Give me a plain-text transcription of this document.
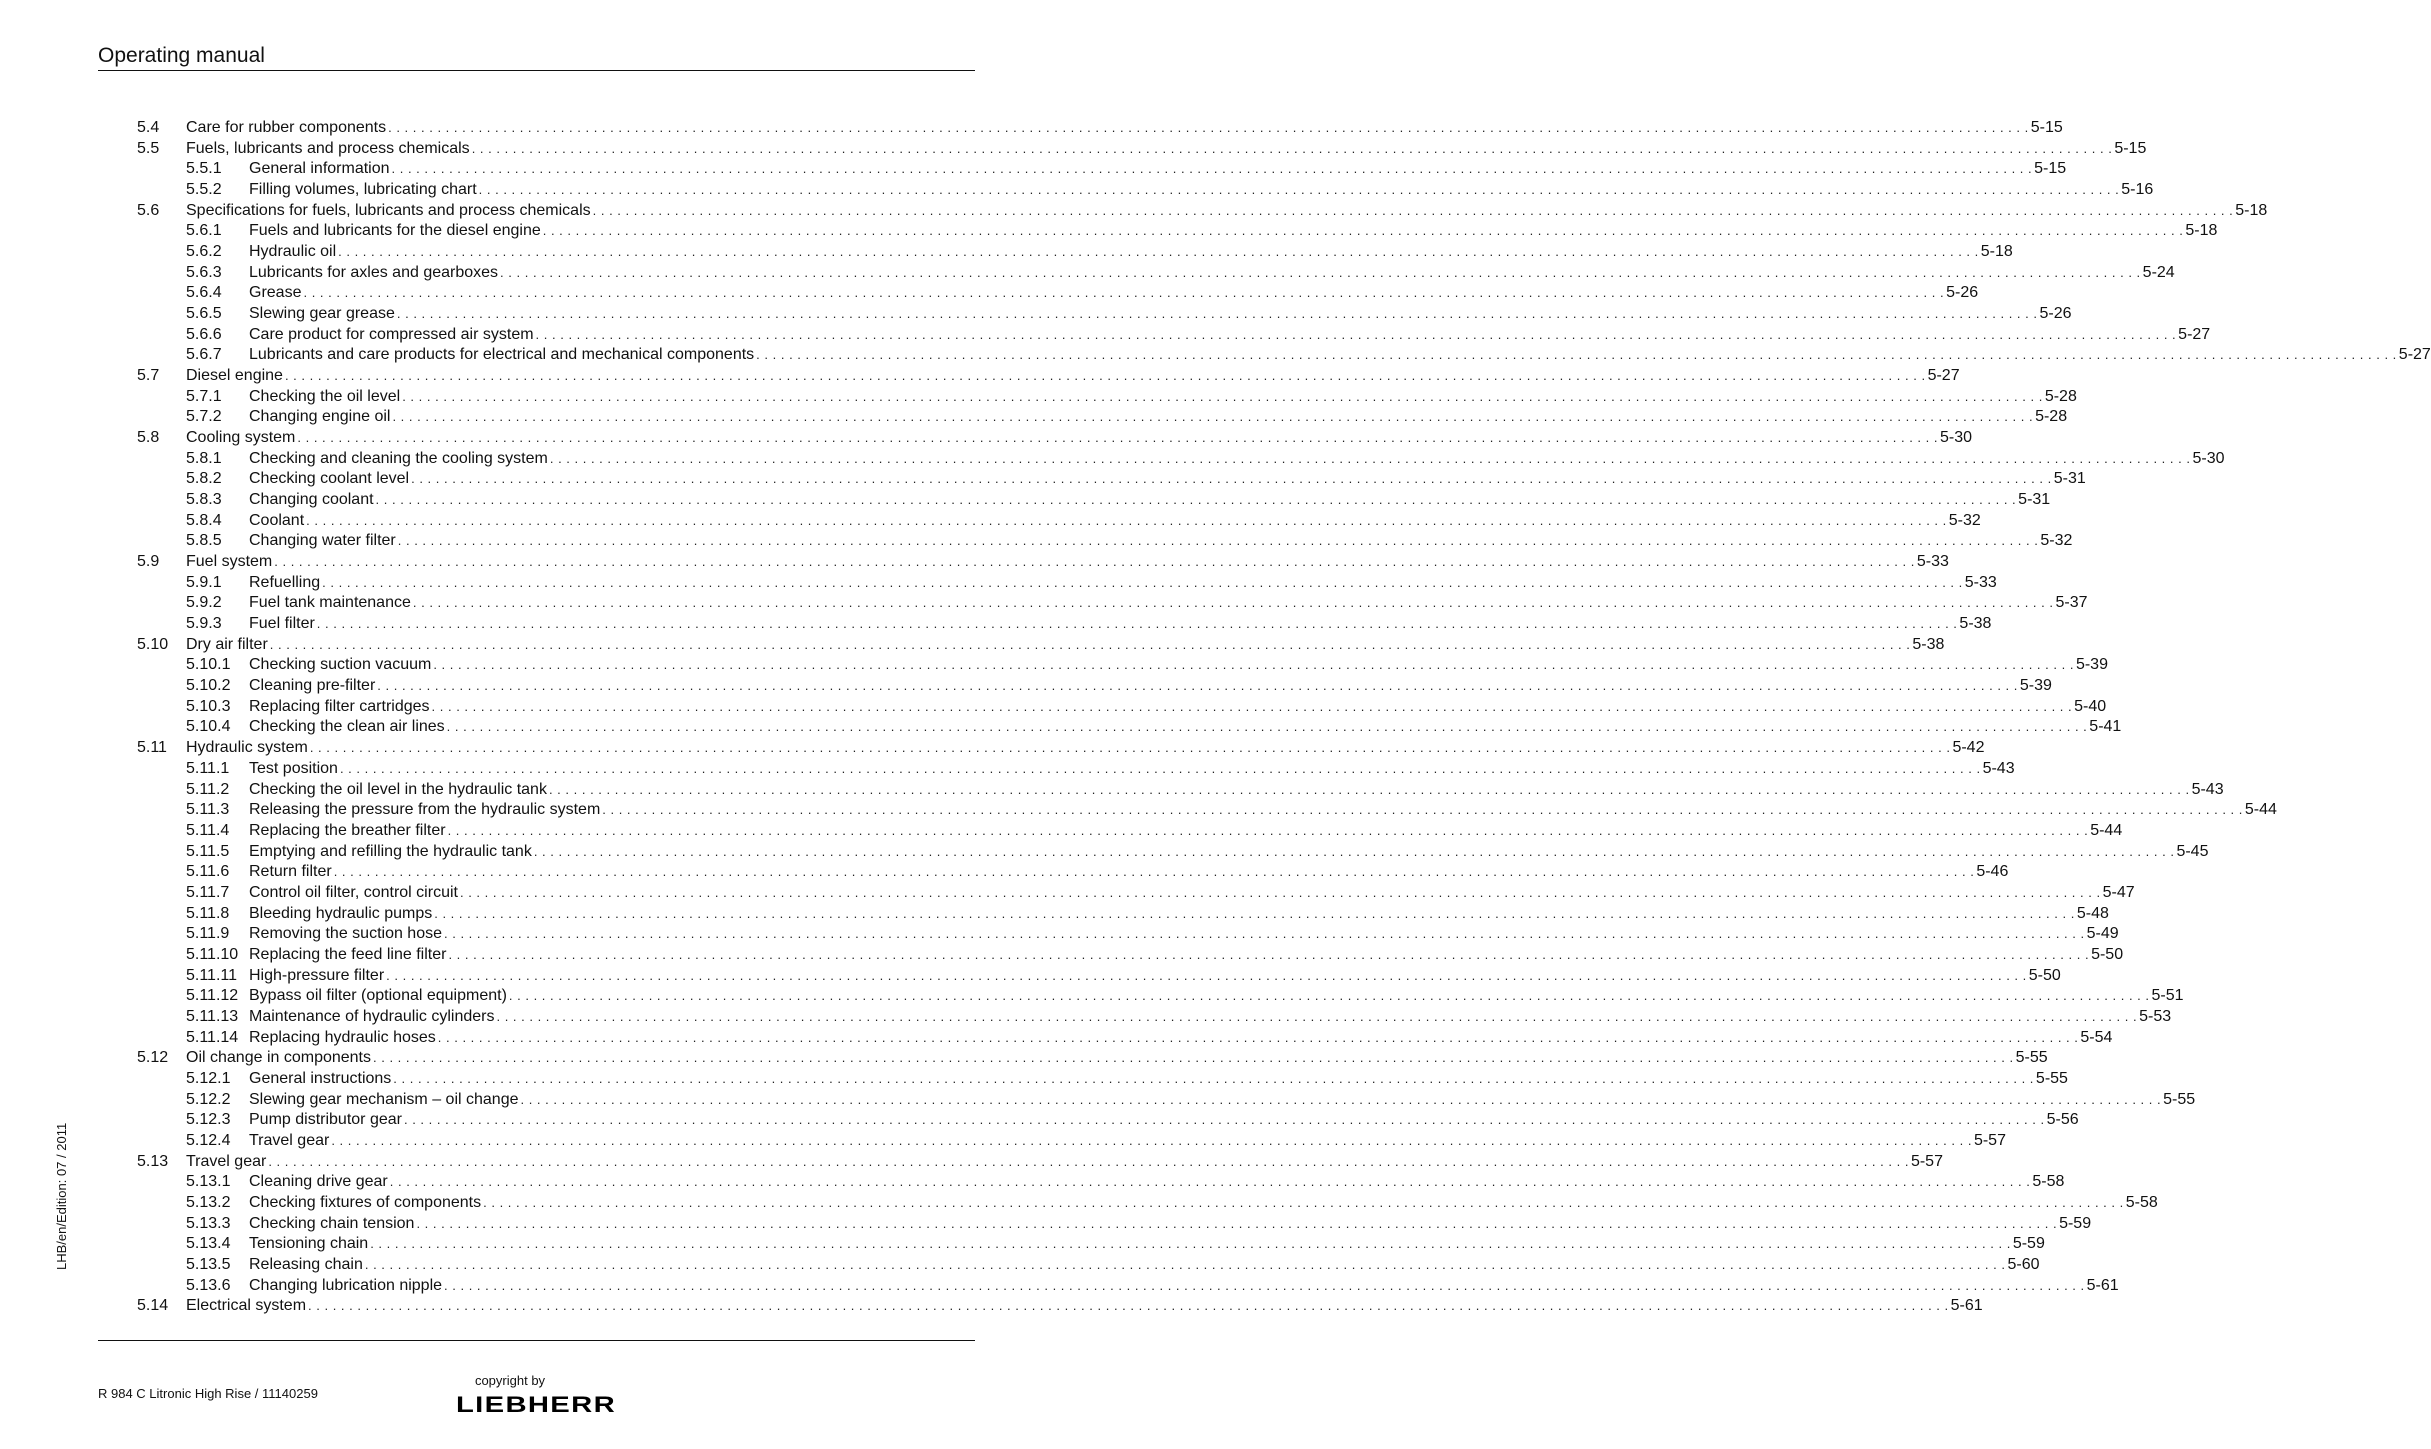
Operating manual
5.4	Care for rubber components . . . . . . . . . . . . . . . . . . . . . . . . . . . . . . . . . . . . . . . . . . . . . . . . . . . . . . . . . . . . . . . . . . . . . . . . . . . . . . . . . . . . . . . . . . . . . . . . . . . . . . . . . . . . . . . . . . . . . . . . . . . . . . . . . . . . . . . . . . . . . . . . . . . . . . . . . . . . . . . . . . . . . . . . . . . . . . . . . . . . . . . . . . . . . . . . . . . . . . . . 5-15
5.5	Fuels, lubricants and process chemicals . . . . . . . . . . . . . . . . . . . . . . . . . . . . . . . . . . . . . . . . . . . . . . . . . . . . . . . . . . . . . . . . . . . . . . . . . . . . . . . . . . . . . . . . . . . . . . . . . . . . . . . . . . . . . . . . . . . . . . . . . . . . . . . . . . . . . . . . . . . . . . . . . . . . . . . . . . . . . . . . . . . . . . . . . . . . . . . . . . . . . . . . . . . . . . . . . . . . . . . . 5-15
5.5.1	General information . . . . . . . . . . . . . . . . . . . . . . . . . . . . . . . . . . . . . . . . . . . . . . . . . . . . . . . . . . . . . . . . . . . . . . . . . . . . . . . . . . . . . . . . . . . . . . . . . . . . . . . . . . . . . . . . . . . . . . . . . . . . . . . . . . . . . . . . . . . . . . . . . . . . . . . . . . . . . . . . . . . . . . . . . . . . . . . . . . . . . . . . . . . . . . . . . . . . . . . . 5-15
5.5.2	Filling volumes, lubricating chart . . . . . . . . . . . . . . . . . . . . . . . . . . . . . . . . . . . . . . . . . . . . . . . . . . . . . . . . . . . . . . . . . . . . . . . . . . . . . . . . . . . . . . . . . . . . . . . . . . . . . . . . . . . . . . . . . . . . . . . . . . . . . . . . . . . . . . . . . . . . . . . . . . . . . . . . . . . . . . . . . . . . . . . . . . . . . . . . . . . . . . . . . . . . . . . . . . . . . . . . 5-16
5.6	Specifications for fuels, lubricants and process chemicals . . . . . . . . . . . . . . . . . . . . . . . . . . . . . . . . . . . . . . . . . . . . . . . . . . . . . . . . . . . . . . . . . . . . . . . . . . . . . . . . . . . . . . . . . . . . . . . . . . . . . . . . . . . . . . . . . . . . . . . . . . . . . . . . . . . . . . . . . . . . . . . . . . . . . . . . . . . . . . . . . . . . . . . . . . . . . . . . . . . . . . . . . . . . . . . . . . . . . . . . 5-18
5.6.1	Fuels and lubricants for the diesel engine . . . . . . . . . . . . . . . . . . . . . . . . . . . . . . . . . . . . . . . . . . . . . . . . . . . . . . . . . . . . . . . . . . . . . . . . . . . . . . . . . . . . . . . . . . . . . . . . . . . . . . . . . . . . . . . . . . . . . . . . . . . . . . . . . . . . . . . . . . . . . . . . . . . . . . . . . . . . . . . . . . . . . . . . . . . . . . . . . . . . . . . . . . . . . . . . . . . . . . . . 5-18
5.6.2	Hydraulic oil . . . . . . . . . . . . . . . . . . . . . . . . . . . . . . . . . . . . . . . . . . . . . . . . . . . . . . . . . . . . . . . . . . . . . . . . . . . . . . . . . . . . . . . . . . . . . . . . . . . . . . . . . . . . . . . . . . . . . . . . . . . . . . . . . . . . . . . . . . . . . . . . . . . . . . . . . . . . . . . . . . . . . . . . . . . . . . . . . . . . . . . . . . . . . . . . . . . . . . . . 5-18
5.6.3	Lubricants for axles and gearboxes . . . . . . . . . . . . . . . . . . . . . . . . . . . . . . . . . . . . . . . . . . . . . . . . . . . . . . . . . . . . . . . . . . . . . . . . . . . . . . . . . . . . . . . . . . . . . . . . . . . . . . . . . . . . . . . . . . . . . . . . . . . . . . . . . . . . . . . . . . . . . . . . . . . . . . . . . . . . . . . . . . . . . . . . . . . . . . . . . . . . . . . . . . . . . . . . . . . . . . . . 5-24
5.6.4	Grease . . . . . . . . . . . . . . . . . . . . . . . . . . . . . . . . . . . . . . . . . . . . . . . . . . . . . . . . . . . . . . . . . . . . . . . . . . . . . . . . . . . . . . . . . . . . . . . . . . . . . . . . . . . . . . . . . . . . . . . . . . . . . . . . . . . . . . . . . . . . . . . . . . . . . . . . . . . . . . . . . . . . . . . . . . . . . . . . . . . . . . . . . . . . . . . . . . . . . . . . 5-26
5.6.5	Slewing gear grease . . . . . . . . . . . . . . . . . . . . . . . . . . . . . . . . . . . . . . . . . . . . . . . . . . . . . . . . . . . . . . . . . . . . . . . . . . . . . . . . . . . . . . . . . . . . . . . . . . . . . . . . . . . . . . . . . . . . . . . . . . . . . . . . . . . . . . . . . . . . . . . . . . . . . . . . . . . . . . . . . . . . . . . . . . . . . . . . . . . . . . . . . . . . . . . . . . . . . . . . 5-26
5.6.6	Care product for compressed air system . . . . . . . . . . . . . . . . . . . . . . . . . . . . . . . . . . . . . . . . . . . . . . . . . . . . . . . . . . . . . . . . . . . . . . . . . . . . . . . . . . . . . . . . . . . . . . . . . . . . . . . . . . . . . . . . . . . . . . . . . . . . . . . . . . . . . . . . . . . . . . . . . . . . . . . . . . . . . . . . . . . . . . . . . . . . . . . . . . . . . . . . . . . . . . . . . . . . . . . . 5-27
5.6.7	Lubricants and care products for electrical and mechanical components . . . . . . . . . . . . . . . . . . . . . . . . . . . . . . . . . . . . . . . . . . . . . . . . . . . . . . . . . . . . . . . . . . . . . . . . . . . . . . . . . . . . . . . . . . . . . . . . . . . . . . . . . . . . . . . . . . . . . . . . . . . . . . . . . . . . . . . . . . . . . . . . . . . . . . . . . . . . . . . . . . . . . . . . . . . . . . . . . . . . . . . . . . . . . . . . . . . . . . . . 5-27
5.7	Diesel engine . . . . . . . . . . . . . . . . . . . . . . . . . . . . . . . . . . . . . . . . . . . . . . . . . . . . . . . . . . . . . . . . . . . . . . . . . . . . . . . . . . . . . . . . . . . . . . . . . . . . . . . . . . . . . . . . . . . . . . . . . . . . . . . . . . . . . . . . . . . . . . . . . . . . . . . . . . . . . . . . . . . . . . . . . . . . . . . . . . . . . . . . . . . . . . . . . . . . . . . . 5-27
5.7.1	Checking the oil level . . . . . . . . . . . . . . . . . . . . . . . . . . . . . . . . . . . . . . . . . . . . . . . . . . . . . . . . . . . . . . . . . . . . . . . . . . . . . . . . . . . . . . . . . . . . . . . . . . . . . . . . . . . . . . . . . . . . . . . . . . . . . . . . . . . . . . . . . . . . . . . . . . . . . . . . . . . . . . . . . . . . . . . . . . . . . . . . . . . . . . . . . . . . . . . . . . . . . . . . 5-28
5.7.2	Changing engine oil . . . . . . . . . . . . . . . . . . . . . . . . . . . . . . . . . . . . . . . . . . . . . . . . . . . . . . . . . . . . . . . . . . . . . . . . . . . . . . . . . . . . . . . . . . . . . . . . . . . . . . . . . . . . . . . . . . . . . . . . . . . . . . . . . . . . . . . . . . . . . . . . . . . . . . . . . . . . . . . . . . . . . . . . . . . . . . . . . . . . . . . . . . . . . . . . . . . . . . . . 5-28
5.8	Cooling system . . . . . . . . . . . . . . . . . . . . . . . . . . . . . . . . . . . . . . . . . . . . . . . . . . . . . . . . . . . . . . . . . . . . . . . . . . . . . . . . . . . . . . . . . . . . . . . . . . . . . . . . . . . . . . . . . . . . . . . . . . . . . . . . . . . . . . . . . . . . . . . . . . . . . . . . . . . . . . . . . . . . . . . . . . . . . . . . . . . . . . . . . . . . . . . . . . . . . . . . 5-30
5.8.1	Checking and cleaning the cooling system . . . . . . . . . . . . . . . . . . . . . . . . . . . . . . . . . . . . . . . . . . . . . . . . . . . . . . . . . . . . . . . . . . . . . . . . . . . . . . . . . . . . . . . . . . . . . . . . . . . . . . . . . . . . . . . . . . . . . . . . . . . . . . . . . . . . . . . . . . . . . . . . . . . . . . . . . . . . . . . . . . . . . . . . . . . . . . . . . . . . . . . . . . . . . . . . . . . . . . . . 5-30
5.8.2	Checking coolant level . . . . . . . . . . . . . . . . . . . . . . . . . . . . . . . . . . . . . . . . . . . . . . . . . . . . . . . . . . . . . . . . . . . . . . . . . . . . . . . . . . . . . . . . . . . . . . . . . . . . . . . . . . . . . . . . . . . . . . . . . . . . . . . . . . . . . . . . . . . . . . . . . . . . . . . . . . . . . . . . . . . . . . . . . . . . . . . . . . . . . . . . . . . . . . . . . . . . . . . . 5-31
5.8.3	Changing coolant . . . . . . . . . . . . . . . . . . . . . . . . . . . . . . . . . . . . . . . . . . . . . . . . . . . . . . . . . . . . . . . . . . . . . . . . . . . . . . . . . . . . . . . . . . . . . . . . . . . . . . . . . . . . . . . . . . . . . . . . . . . . . . . . . . . . . . . . . . . . . . . . . . . . . . . . . . . . . . . . . . . . . . . . . . . . . . . . . . . . . . . . . . . . . . . . . . . . . . . . 5-31
5.8.4	Coolant . . . . . . . . . . . . . . . . . . . . . . . . . . . . . . . . . . . . . . . . . . . . . . . . . . . . . . . . . . . . . . . . . . . . . . . . . . . . . . . . . . . . . . . . . . . . . . . . . . . . . . . . . . . . . . . . . . . . . . . . . . . . . . . . . . . . . . . . . . . . . . . . . . . . . . . . . . . . . . . . . . . . . . . . . . . . . . . . . . . . . . . . . . . . . . . . . . . . . . . . 5-32
5.8.5	Changing water filter . . . . . . . . . . . . . . . . . . . . . . . . . . . . . . . . . . . . . . . . . . . . . . . . . . . . . . . . . . . . . . . . . . . . . . . . . . . . . . . . . . . . . . . . . . . . . . . . . . . . . . . . . . . . . . . . . . . . . . . . . . . . . . . . . . . . . . . . . . . . . . . . . . . . . . . . . . . . . . . . . . . . . . . . . . . . . . . . . . . . . . . . . . . . . . . . . . . . . . . . 5-32
5.9	Fuel system . . . . . . . . . . . . . . . . . . . . . . . . . . . . . . . . . . . . . . . . . . . . . . . . . . . . . . . . . . . . . . . . . . . . . . . . . . . . . . . . . . . . . . . . . . . . . . . . . . . . . . . . . . . . . . . . . . . . . . . . . . . . . . . . . . . . . . . . . . . . . . . . . . . . . . . . . . . . . . . . . . . . . . . . . . . . . . . . . . . . . . . . . . . . . . . . . . . . . . . . 5-33
5.9.1	Refuelling . . . . . . . . . . . . . . . . . . . . . . . . . . . . . . . . . . . . . . . . . . . . . . . . . . . . . . . . . . . . . . . . . . . . . . . . . . . . . . . . . . . . . . . . . . . . . . . . . . . . . . . . . . . . . . . . . . . . . . . . . . . . . . . . . . . . . . . . . . . . . . . . . . . . . . . . . . . . . . . . . . . . . . . . . . . . . . . . . . . . . . . . . . . . . . . . . . . . . . . . 5-33
5.9.2	Fuel tank maintenance . . . . . . . . . . . . . . . . . . . . . . . . . . . . . . . . . . . . . . . . . . . . . . . . . . . . . . . . . . . . . . . . . . . . . . . . . . . . . . . . . . . . . . . . . . . . . . . . . . . . . . . . . . . . . . . . . . . . . . . . . . . . . . . . . . . . . . . . . . . . . . . . . . . . . . . . . . . . . . . . . . . . . . . . . . . . . . . . . . . . . . . . . . . . . . . . . . . . . . . . 5-37
5.9.3	Fuel filter . . . . . . . . . . . . . . . . . . . . . . . . . . . . . . . . . . . . . . . . . . . . . . . . . . . . . . . . . . . . . . . . . . . . . . . . . . . . . . . . . . . . . . . . . . . . . . . . . . . . . . . . . . . . . . . . . . . . . . . . . . . . . . . . . . . . . . . . . . . . . . . . . . . . . . . . . . . . . . . . . . . . . . . . . . . . . . . . . . . . . . . . . . . . . . . . . . . . . . . . 5-38
5.10	Dry air filter . . . . . . . . . . . . . . . . . . . . . . . . . . . . . . . . . . . . . . . . . . . . . . . . . . . . . . . . . . . . . . . . . . . . . . . . . . . . . . . . . . . . . . . . . . . . . . . . . . . . . . . . . . . . . . . . . . . . . . . . . . . . . . . . . . . . . . . . . . . . . . . . . . . . . . . . . . . . . . . . . . . . . . . . . . . . . . . . . . . . . . . . . . . . . . . . . . . . . . . . 5-38
5.10.1	Checking suction vacuum . . . . . . . . . . . . . . . . . . . . . . . . . . . . . . . . . . . . . . . . . . . . . . . . . . . . . . . . . . . . . . . . . . . . . . . . . . . . . . . . . . . . . . . . . . . . . . . . . . . . . . . . . . . . . . . . . . . . . . . . . . . . . . . . . . . . . . . . . . . . . . . . . . . . . . . . . . . . . . . . . . . . . . . . . . . . . . . . . . . . . . . . . . . . . . . . . . . . . . . . 5-39
5.10.2	Cleaning pre-filter . . . . . . . . . . . . . . . . . . . . . . . . . . . . . . . . . . . . . . . . . . . . . . . . . . . . . . . . . . . . . . . . . . . . . . . . . . . . . . . . . . . . . . . . . . . . . . . . . . . . . . . . . . . . . . . . . . . . . . . . . . . . . . . . . . . . . . . . . . . . . . . . . . . . . . . . . . . . . . . . . . . . . . . . . . . . . . . . . . . . . . . . . . . . . . . . . . . . . . . . 5-39
5.10.3	Replacing filter cartridges . . . . . . . . . . . . . . . . . . . . . . . . . . . . . . . . . . . . . . . . . . . . . . . . . . . . . . . . . . . . . . . . . . . . . . . . . . . . . . . . . . . . . . . . . . . . . . . . . . . . . . . . . . . . . . . . . . . . . . . . . . . . . . . . . . . . . . . . . . . . . . . . . . . . . . . . . . . . . . . . . . . . . . . . . . . . . . . . . . . . . . . . . . . . . . . . . . . . . . . . 5-40
5.10.4	Checking the clean air lines . . . . . . . . . . . . . . . . . . . . . . . . . . . . . . . . . . . . . . . . . . . . . . . . . . . . . . . . . . . . . . . . . . . . . . . . . . . . . . . . . . . . . . . . . . . . . . . . . . . . . . . . . . . . . . . . . . . . . . . . . . . . . . . . . . . . . . . . . . . . . . . . . . . . . . . . . . . . . . . . . . . . . . . . . . . . . . . . . . . . . . . . . . . . . . . . . . . . . . . . 5-41
5.11	Hydraulic system . . . . . . . . . . . . . . . . . . . . . . . . . . . . . . . . . . . . . . . . . . . . . . . . . . . . . . . . . . . . . . . . . . . . . . . . . . . . . . . . . . . . . . . . . . . . . . . . . . . . . . . . . . . . . . . . . . . . . . . . . . . . . . . . . . . . . . . . . . . . . . . . . . . . . . . . . . . . . . . . . . . . . . . . . . . . . . . . . . . . . . . . . . . . . . . . . . . . . . . . 5-42
5.11.1	Test position . . . . . . . . . . . . . . . . . . . . . . . . . . . . . . . . . . . . . . . . . . . . . . . . . . . . . . . . . . . . . . . . . . . . . . . . . . . . . . . . . . . . . . . . . . . . . . . . . . . . . . . . . . . . . . . . . . . . . . . . . . . . . . . . . . . . . . . . . . . . . . . . . . . . . . . . . . . . . . . . . . . . . . . . . . . . . . . . . . . . . . . . . . . . . . . . . . . . . . . . 5-43
5.11.2	Checking the oil level in the hydraulic tank . . . . . . . . . . . . . . . . . . . . . . . . . . . . . . . . . . . . . . . . . . . . . . . . . . . . . . . . . . . . . . . . . . . . . . . . . . . . . . . . . . . . . . . . . . . . . . . . . . . . . . . . . . . . . . . . . . . . . . . . . . . . . . . . . . . . . . . . . . . . . . . . . . . . . . . . . . . . . . . . . . . . . . . . . . . . . . . . . . . . . . . . . . . . . . . . . . . . . . . . 5-43
5.11.3	Releasing the pressure from the hydraulic system . . . . . . . . . . . . . . . . . . . . . . . . . . . . . . . . . . . . . . . . . . . . . . . . . . . . . . . . . . . . . . . . . . . . . . . . . . . . . . . . . . . . . . . . . . . . . . . . . . . . . . . . . . . . . . . . . . . . . . . . . . . . . . . . . . . . . . . . . . . . . . . . . . . . . . . . . . . . . . . . . . . . . . . . . . . . . . . . . . . . . . . . . . . . . . . . . . . . . . . . 5-44
5.11.4	Replacing the breather filter . . . . . . . . . . . . . . . . . . . . . . . . . . . . . . . . . . . . . . . . . . . . . . . . . . . . . . . . . . . . . . . . . . . . . . . . . . . . . . . . . . . . . . . . . . . . . . . . . . . . . . . . . . . . . . . . . . . . . . . . . . . . . . . . . . . . . . . . . . . . . . . . . . . . . . . . . . . . . . . . . . . . . . . . . . . . . . . . . . . . . . . . . . . . . . . . . . . . . . . . 5-44
5.11.5	Emptying and refilling the hydraulic tank . . . . . . . . . . . . . . . . . . . . . . . . . . . . . . . . . . . . . . . . . . . . . . . . . . . . . . . . . . . . . . . . . . . . . . . . . . . . . . . . . . . . . . . . . . . . . . . . . . . . . . . . . . . . . . . . . . . . . . . . . . . . . . . . . . . . . . . . . . . . . . . . . . . . . . . . . . . . . . . . . . . . . . . . . . . . . . . . . . . . . . . . . . . . . . . . . . . . . . . . 5-45
5.11.6	Return filter . . . . . . . . . . . . . . . . . . . . . . . . . . . . . . . . . . . . . . . . . . . . . . . . . . . . . . . . . . . . . . . . . . . . . . . . . . . . . . . . . . . . . . . . . . . . . . . . . . . . . . . . . . . . . . . . . . . . . . . . . . . . . . . . . . . . . . . . . . . . . . . . . . . . . . . . . . . . . . . . . . . . . . . . . . . . . . . . . . . . . . . . . . . . . . . . . . . . . . . . 5-46
5.11.7	Control oil filter, control circuit . . . . . . . . . . . . . . . . . . . . . . . . . . . . . . . . . . . . . . . . . . . . . . . . . . . . . . . . . . . . . . . . . . . . . . . . . . . . . . . . . . . . . . . . . . . . . . . . . . . . . . . . . . . . . . . . . . . . . . . . . . . . . . . . . . . . . . . . . . . . . . . . . . . . . . . . . . . . . . . . . . . . . . . . . . . . . . . . . . . . . . . . . . . . . . . . . . . . . . . . 5-47
5.11.8	Bleeding hydraulic pumps . . . . . . . . . . . . . . . . . . . . . . . . . . . . . . . . . . . . . . . . . . . . . . . . . . . . . . . . . . . . . . . . . . . . . . . . . . . . . . . . . . . . . . . . . . . . . . . . . . . . . . . . . . . . . . . . . . . . . . . . . . . . . . . . . . . . . . . . . . . . . . . . . . . . . . . . . . . . . . . . . . . . . . . . . . . . . . . . . . . . . . . . . . . . . . . . . . . . . . . . 5-48
5.11.9	Removing the suction hose . . . . . . . . . . . . . . . . . . . . . . . . . . . . . . . . . . . . . . . . . . . . . . . . . . . . . . . . . . . . . . . . . . . . . . . . . . . . . . . . . . . . . . . . . . . . . . . . . . . . . . . . . . . . . . . . . . . . . . . . . . . . . . . . . . . . . . . . . . . . . . . . . . . . . . . . . . . . . . . . . . . . . . . . . . . . . . . . . . . . . . . . . . . . . . . . . . . . . . . . 5-49
5.11.10 Replacing the feed line filter . . . . . . . . . . . . . . . . . . . . . . . . . . . . . . . . . . . . . . . . . . . . . . . . . . . . . . . . . . . . . . . . . . . . . . . . . . . . . . . . . . . . . . . . . . . . . . . . . . . . . . . . . . . . . . . . . . . . . . . . . . . . . . . . . . . . . . . . . . . . . . . . . . . . . . . . . . . . . . . . . . . . . . . . . . . . . . . . . . . . . . . . . . . . . . . . . . . . . . . . 5-50
5.11.11 High-pressure filter . . . . . . . . . . . . . . . . . . . . . . . . . . . . . . . . . . . . . . . . . . . . . . . . . . . . . . . . . . . . . . . . . . . . . . . . . . . . . . . . . . . . . . . . . . . . . . . . . . . . . . . . . . . . . . . . . . . . . . . . . . . . . . . . . . . . . . . . . . . . . . . . . . . . . . . . . . . . . . . . . . . . . . . . . . . . . . . . . . . . . . . . . . . . . . . . . . . . . . . . 5-50
5.11.12 Bypass oil filter (optional equipment) . . . . . . . . . . . . . . . . . . . . . . . . . . . . . . . . . . . . . . . . . . . . . . . . . . . . . . . . . . . . . . . . . . . . . . . . . . . . . . . . . . . . . . . . . . . . . . . . . . . . . . . . . . . . . . . . . . . . . . . . . . . . . . . . . . . . . . . . . . . . . . . . . . . . . . . . . . . . . . . . . . . . . . . . . . . . . . . . . . . . . . . . . . . . . . . . . . . . . . . . 5-51
5.11.13 Maintenance of hydraulic cylinders . . . . . . . . . . . . . . . . . . . . . . . . . . . . . . . . . . . . . . . . . . . . . . . . . . . . . . . . . . . . . . . . . . . . . . . . . . . . . . . . . . . . . . . . . . . . . . . . . . . . . . . . . . . . . . . . . . . . . . . . . . . . . . . . . . . . . . . . . . . . . . . . . . . . . . . . . . . . . . . . . . . . . . . . . . . . . . . . . . . . . . . . . . . . . . . . . . . . . . . . 5-53
5.11.14 Replacing hydraulic hoses . . . . . . . . . . . . . . . . . . . . . . . . . . . . . . . . . . . . . . . . . . . . . . . . . . . . . . . . . . . . . . . . . . . . . . . . . . . . . . . . . . . . . . . . . . . . . . . . . . . . . . . . . . . . . . . . . . . . . . . . . . . . . . . . . . . . . . . . . . . . . . . . . . . . . . . . . . . . . . . . . . . . . . . . . . . . . . . . . . . . . . . . . . . . . . . . . . . . . . . . 5-54
5.12	Oil change in components . . . . . . . . . . . . . . . . . . . . . . . . . . . . . . . . . . . . . . . . . . . . . . . . . . . . . . . . . . . . . . . . . . . . . . . . . . . . . . . . . . . . . . . . . . . . . . . . . . . . . . . . . . . . . . . . . . . . . . . . . . . . . . . . . . . . . . . . . . . . . . . . . . . . . . . . . . . . . . . . . . . . . . . . . . . . . . . . . . . . . . . . . . . . . . . . . . . . . . . . 5-55
5.12.1	General instructions . . . . . . . . . . . . . . . . . . . . . . . . . . . . . . . . . . . . . . . . . . . . . . . . . . . . . . . . . . . . . . . . . . . . . . . . . . . . . . . . . . . . . . . . . . . . . . . . . . . . . . . . . . . . . . . . . . . . . . . . . . . . . . . . . . . . . . . . . . . . . . . . . . . . . . . . . . . . . . . . . . . . . . . . . . . . . . . . . . . . . . . . . . . . . . . . . . . . . . . . 5-55
5.12.2	Slewing gear mechanism – oil change . . . . . . . . . . . . . . . . . . . . . . . . . . . . . . . . . . . . . . . . . . . . . . . . . . . . . . . . . . . . . . . . . . . . . . . . . . . . . . . . . . . . . . . . . . . . . . . . . . . . . . . . . . . . . . . . . . . . . . . . . . . . . . . . . . . . . . . . . . . . . . . . . . . . . . . . . . . . . . . . . . . . . . . . . . . . . . . . . . . . . . . . . . . . . . . . . . . . . . . . 5-55
5.12.3	Pump distributor gear . . . . . . . . . . . . . . . . . . . . . . . . . . . . . . . . . . . . . . . . . . . . . . . . . . . . . . . . . . . . . . . . . . . . . . . . . . . . . . . . . . . . . . . . . . . . . . . . . . . . . . . . . . . . . . . . . . . . . . . . . . . . . . . . . . . . . . . . . . . . . . . . . . . . . . . . . . . . . . . . . . . . . . . . . . . . . . . . . . . . . . . . . . . . . . . . . . . . . . . . 5-56
5.12.4	Travel gear . . . . . . . . . . . . . . . . . . . . . . . . . . . . . . . . . . . . . . . . . . . . . . . . . . . . . . . . . . . . . . . . . . . . . . . . . . . . . . . . . . . . . . . . . . . . . . . . . . . . . . . . . . . . . . . . . . . . . . . . . . . . . . . . . . . . . . . . . . . . . . . . . . . . . . . . . . . . . . . . . . . . . . . . . . . . . . . . . . . . . . . . . . . . . . . . . . . . . . . . 5-57
5.13	Travel gear . . . . . . . . . . . . . . . . . . . . . . . . . . . . . . . . . . . . . . . . . . . . . . . . . . . . . . . . . . . . . . . . . . . . . . . . . . . . . . . . . . . . . . . . . . . . . . . . . . . . . . . . . . . . . . . . . . . . . . . . . . . . . . . . . . . . . . . . . . . . . . . . . . . . . . . . . . . . . . . . . . . . . . . . . . . . . . . . . . . . . . . . . . . . . . . . . . . . . . . . 5-57
5.13.1	Cleaning drive gear . . . . . . . . . . . . . . . . . . . . . . . . . . . . . . . . . . . . . . . . . . . . . . . . . . . . . . . . . . . . . . . . . . . . . . . . . . . . . . . . . . . . . . . . . . . . . . . . . . . . . . . . . . . . . . . . . . . . . . . . . . . . . . . . . . . . . . . . . . . . . . . . . . . . . . . . . . . . . . . . . . . . . . . . . . . . . . . . . . . . . . . . . . . . . . . . . . . . . . . . 5-58
5.13.2	Checking fixtures of components . . . . . . . . . . . . . . . . . . . . . . . . . . . . . . . . . . . . . . . . . . . . . . . . . . . . . . . . . . . . . . . . . . . . . . . . . . . . . . . . . . . . . . . . . . . . . . . . . . . . . . . . . . . . . . . . . . . . . . . . . . . . . . . . . . . . . . . . . . . . . . . . . . . . . . . . . . . . . . . . . . . . . . . . . . . . . . . . . . . . . . . . . . . . . . . . . . . . . . . . 5-58
5.13.3	Checking chain tension . . . . . . . . . . . . . . . . . . . . . . . . . . . . . . . . . . . . . . . . . . . . . . . . . . . . . . . . . . . . . . . . . . . . . . . . . . . . . . . . . . . . . . . . . . . . . . . . . . . . . . . . . . . . . . . . . . . . . . . . . . . . . . . . . . . . . . . . . . . . . . . . . . . . . . . . . . . . . . . . . . . . . . . . . . . . . . . . . . . . . . . . . . . . . . . . . . . . . . . . 5-59
5.13.4	Tensioning chain . . . . . . . . . . . . . . . . . . . . . . . . . . . . . . . . . . . . . . . . . . . . . . . . . . . . . . . . . . . . . . . . . . . . . . . . . . . . . . . . . . . . . . . . . . . . . . . . . . . . . . . . . . . . . . . . . . . . . . . . . . . . . . . . . . . . . . . . . . . . . . . . . . . . . . . . . . . . . . . . . . . . . . . . . . . . . . . . . . . . . . . . . . . . . . . . . . . . . . . . 5-59
5.13.5	Releasing chain . . . . . . . . . . . . . . . . . . . . . . . . . . . . . . . . . . . . . . . . . . . . . . . . . . . . . . . . . . . . . . . . . . . . . . . . . . . . . . . . . . . . . . . . . . . . . . . . . . . . . . . . . . . . . . . . . . . . . . . . . . . . . . . . . . . . . . . . . . . . . . . . . . . . . . . . . . . . . . . . . . . . . . . . . . . . . . . . . . . . . . . . . . . . . . . . . . . . . . . . 5-60
5.13.6	Changing lubrication nipple . . . . . . . . . . . . . . . . . . . . . . . . . . . . . . . . . . . . . . . . . . . . . . . . . . . . . . . . . . . . . . . . . . . . . . . . . . . . . . . . . . . . . . . . . . . . . . . . . . . . . . . . . . . . . . . . . . . . . . . . . . . . . . . . . . . . . . . . . . . . . . . . . . . . . . . . . . . . . . . . . . . . . . . . . . . . . . . . . . . . . . . . . . . . . . . . . . . . . . . . 5-61
5.14	Electrical system . . . . . . . . . . . . . . . . . . . . . . . . . . . . . . . . . . . . . . . . . . . . . . . . . . . . . . . . . . . . . . . . . . . . . . . . . . . . . . . . . . . . . . . . . . . . . . . . . . . . . . . . . . . . . . . . . . . . . . . . . . . . . . . . . . . . . . . . . . . . . . . . . . . . . . . . . . . . . . . . . . . . . . . . . . . . . . . . . . . . . . . . . . . . . . . . . . . . . . . . 5-61
LHB/en/Edition: 07 / 2011
R 984 C Litronic High Rise / 11140259
copyright by
LIEBHERR
